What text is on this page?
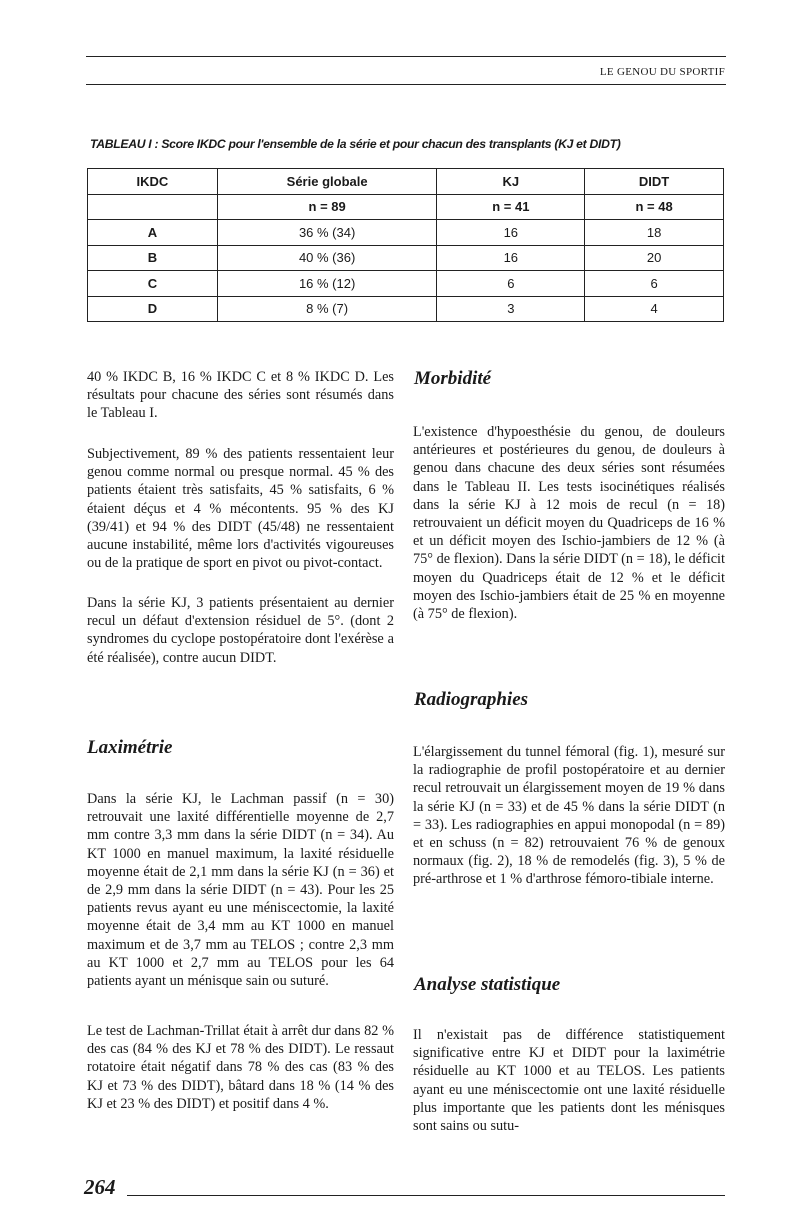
LE GENOU DU SPORTIF
TABLEAU I : Score IKDC pour l'ensemble de la série et pour chacun des transplants (KJ et DIDT)
IKDC	Série globale	KJ	DIDT
	n = 89	n = 41	n = 48
A	36 % (34)	16	18
B	40 % (36)	16	20
C	16 % (12)	6	6
D	8 % (7)	3	4

40 % IKDC B, 16 % IKDC C et 8 % IKDC D. Les résultats pour chacune des séries sont résumés dans le Tableau I.

Subjectivement, 89 % des patients ressentaient leur genou comme normal ou presque normal. 45 % des patients étaient très satisfaits, 45 % satisfaits, 6 % étaient déçus et 4 % mécontents. 95 % des KJ (39/41) et 94 % des DIDT (45/48) ne ressentaient aucune instabilité, même lors d'activités vigoureuses ou de la pratique de sport en pivot ou pivot-contact.

Dans la série KJ, 3 patients présentaient au dernier recul un défaut d'extension résiduel de 5°. (dont 2 syndromes du cyclope postopératoire dont l'exérèse a été réalisée), contre aucun DIDT.

Laximétrie

Dans la série KJ, le Lachman passif (n = 30) retrouvait une laxité différentielle moyenne de 2,7 mm contre 3,3 mm dans la série DIDT (n = 34). Au KT 1000 en manuel maximum, la laxité résiduelle moyenne était de 2,1 mm dans la série KJ (n = 36) et de 2,9 mm dans la série DIDT (n = 43). Pour les 25 patients revus ayant eu une méniscectomie, la laxité moyenne était de 3,4 mm au KT 1000 en manuel maximum et de 3,7 mm au TELOS ; contre 2,3 mm au KT 1000 et 2,7 mm au TELOS pour les 64 patients ayant un ménisque sain ou suturé.

Le test de Lachman-Trillat était à arrêt dur dans 82 % des cas (84 % des KJ et 78 % des DIDT). Le ressaut rotatoire était négatif dans 78 % des cas (83 % des KJ et 73 % des DIDT), bâtard dans 18 % (14 % des KJ et 23 % des DIDT) et positif dans 4 %.

Morbidité

L'existence d'hypoesthésie du genou, de douleurs antérieures et postérieures du genou, de douleurs à genou dans chacune des deux séries sont résumées dans le Tableau II. Les tests isocinétiques réalisés dans la série KJ à 12 mois de recul (n = 18) retrouvaient un déficit moyen du Quadriceps de 16 % et un déficit moyen des Ischio-jambiers de 12 % (à 75° de flexion). Dans la série DIDT (n = 18), le déficit moyen du Quadriceps était de 12 % et le déficit moyen des Ischio-jambiers était de 25 % en moyenne (à 75° de flexion).

Radiographies

L'élargissement du tunnel fémoral (fig. 1), mesuré sur la radiographie de profil postopératoire et au dernier recul retrouvait un élargissement moyen de 19 % dans la série KJ (n = 33) et de 45 % dans la série DIDT (n = 33). Les radiographies en appui monopodal (n = 89) et en schuss (n = 82) retrouvaient 76 % de genoux normaux (fig. 2), 18 % de remodelés (fig. 3), 5 % de pré-arthrose et 1 % d'arthrose fémoro-tibiale interne.

Analyse statistique

Il n'existait pas de différence statistiquement significative entre KJ et DIDT pour la laximétrie résiduelle au KT 1000 et au TELOS. Les patients ayant eu une méniscectomie ont une laxité résiduelle plus importante que les patients dont les ménisques sont sains ou sutu-

264
